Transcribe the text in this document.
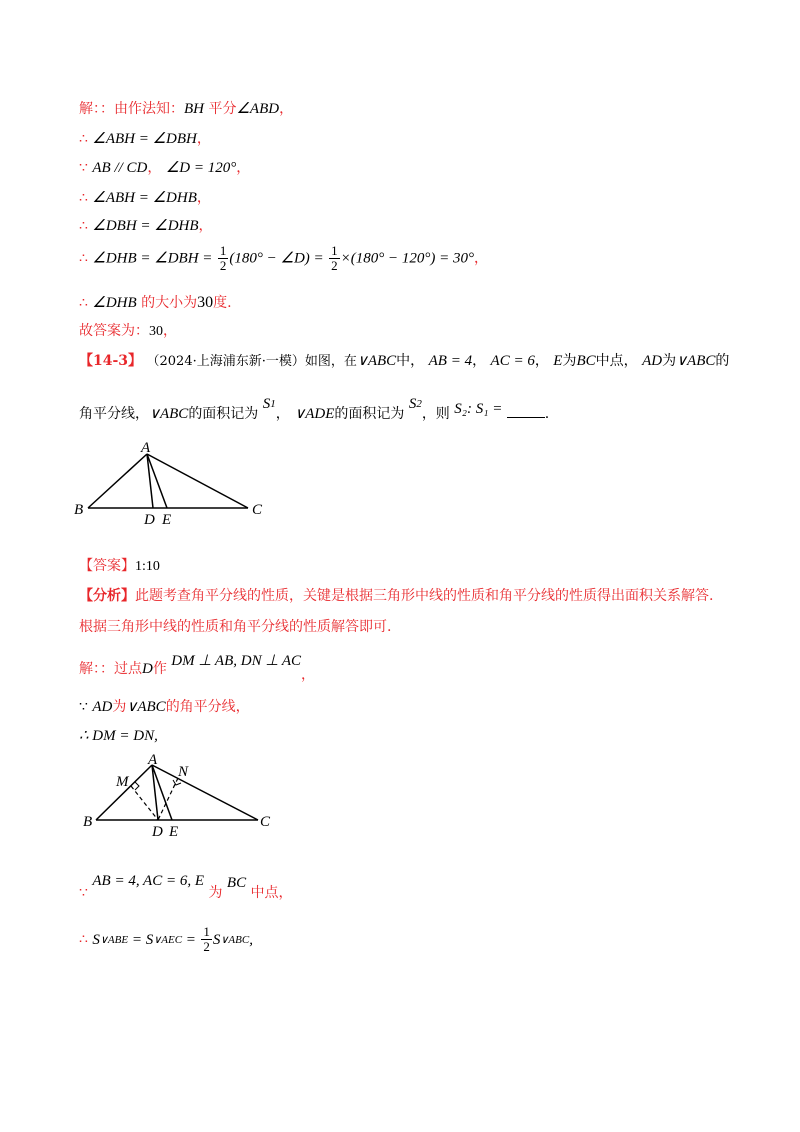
解：：由作法知：BH 平分∠ABD，
∴ ∠ABH = ∠DBH，
∵ AB // CD， ∠D = 120°，
∴ ∠ABH = ∠DHB，
∴ ∠DBH = ∠DHB，
∴ ∠DHB = ∠DBH = $\frac{1}{2} (180^\circ$ − ∠D) = $\frac{1}{2} \times(180^\circ - 120^\circ) = 30^\circ$，
∴ ∠DHB 的大小为30度.
故答案为：30，
【14-3】 （2024·上海浦东新·一模）如图，在∨ABC中， AB = 4， AC = 6， E为BC中点， AD为∨ABC的
角平分线，∨ABC的面积记为 S1， ∨ADE的面积记为 S2，则 S₂: S₁ =	.
A
B	C
D E
【答案】1:10
【分析】此题考查角平分线的性质，关键是根据三角形中线的性质和角平分线的性质得出面积关系解答.
根据三角形中线的性质和角平分线的性质解答即可.
解：：过点D作 DM ⊥ AB, DN ⊥ AC，
∵ AD为∨ABC的角平分线，
∴ DM = DN,
A
B	C
D E
M
N
∵ AB = 4, AC = 6, E 为 BC 中点，
∴ S∨ABE = S∨AEC = $\frac{1}{2}$ S∨ABC,
